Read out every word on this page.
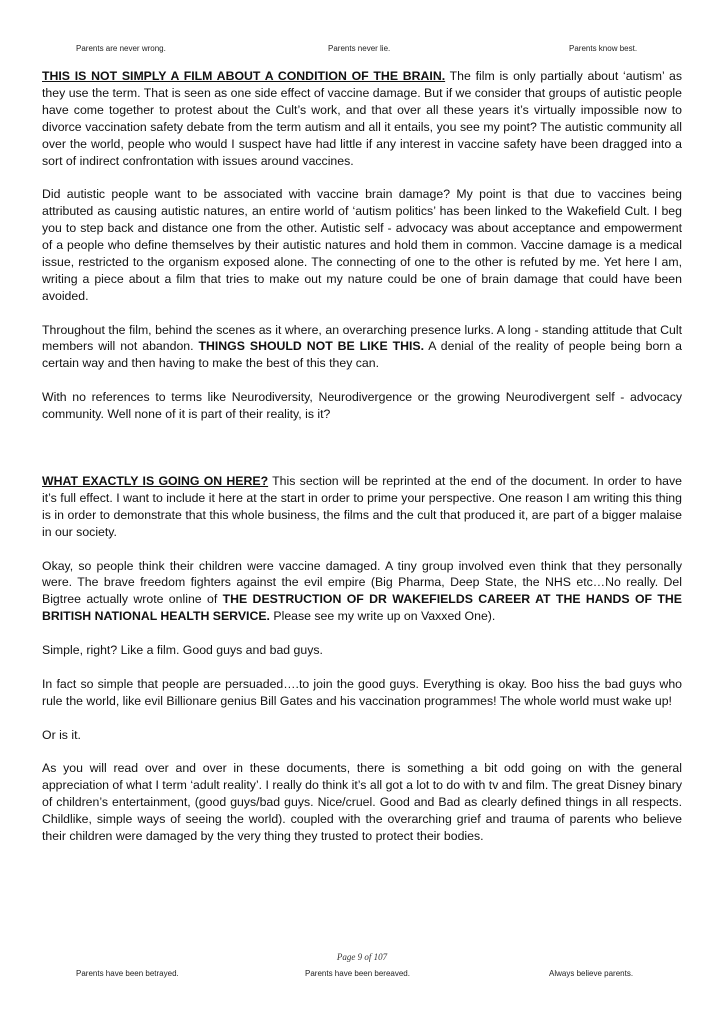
Parents are never wrong.	Parents never lie.	Parents know best.

THIS IS NOT SIMPLY A FILM ABOUT A CONDITION OF THE BRAIN. The film is only partially about ‘autism’ as they use the term. That is seen as one side effect of vaccine damage. But if we consider that groups of autistic people have come together to protest about the Cult’s work, and that over all these years it’s virtually impossible now to divorce vaccination safety debate from the term autism and all it entails, you see my point? The autistic community all over the world, people who would I suspect have had little if any interest in vaccine safety have been dragged into a sort of indirect confrontation with issues around vaccines.

Did autistic people want to be associated with vaccine brain damage? My point is that due to vaccines being attributed as causing autistic natures, an entire world of ‘autism politics’ has been linked to the Wakefield Cult. I beg you to step back and distance one from the other. Autistic self - advocacy was about acceptance and empowerment of a people who define themselves by their autistic natures and hold them in common. Vaccine damage is a medical issue, restricted to the organism exposed alone. The connecting of one to the other is refuted by me. Yet here I am, writing a piece about a film that tries to make out my nature could be one of brain damage that could have been avoided.

Throughout the film, behind the scenes as it where, an overarching presence lurks. A long - standing attitude that Cult members will not abandon. THINGS SHOULD NOT BE LIKE THIS. A denial of the reality of people being born a certain way and then having to make the best of this they can.

With no references to terms like Neurodiversity, Neurodivergence or the growing Neurodivergent self - advocacy community. Well none of it is part of their reality, is it?

WHAT EXACTLY IS GOING ON HERE? This section will be reprinted at the end of the document. In order to have it’s full effect. I want to include it here at the start in order to prime your perspective. One reason I am writing this thing is in order to demonstrate that this whole business, the films and the cult that produced it, are part of a bigger malaise in our society.

Okay, so people think their children were vaccine damaged. A tiny group involved even think that they personally were. The brave freedom fighters against the evil empire (Big Pharma, Deep State, the NHS etc…No really. Del Bigtree actually wrote online of THE DESTRUCTION OF DR WAKEFIELDS CAREER AT THE HANDS OF THE BRITISH NATIONAL HEALTH SERVICE. Please see my write up on Vaxxed One).

Simple, right? Like a film. Good guys and bad guys.

In fact so simple that people are persuaded….to join the good guys. Everything is okay. Boo hiss the bad guys who rule the world, like evil Billionare genius Bill Gates and his vaccination programmes! The whole world must wake up!

Or is it.

As you will read over and over in these documents, there is something a bit odd going on with the general appreciation of what I term ‘adult reality’. I really do think it’s all got a lot to do with tv and film. The great Disney binary of children’s entertainment, (good guys/bad guys. Nice/cruel. Good and Bad as clearly defined things in all respects. Childlike, simple ways of seeing the world). coupled with the overarching grief and trauma of parents who believe their children were damaged by the very thing they trusted to protect their bodies.

Page 9 of 107
Parents have been betrayed.	Parents have been bereaved.	Always believe parents.
